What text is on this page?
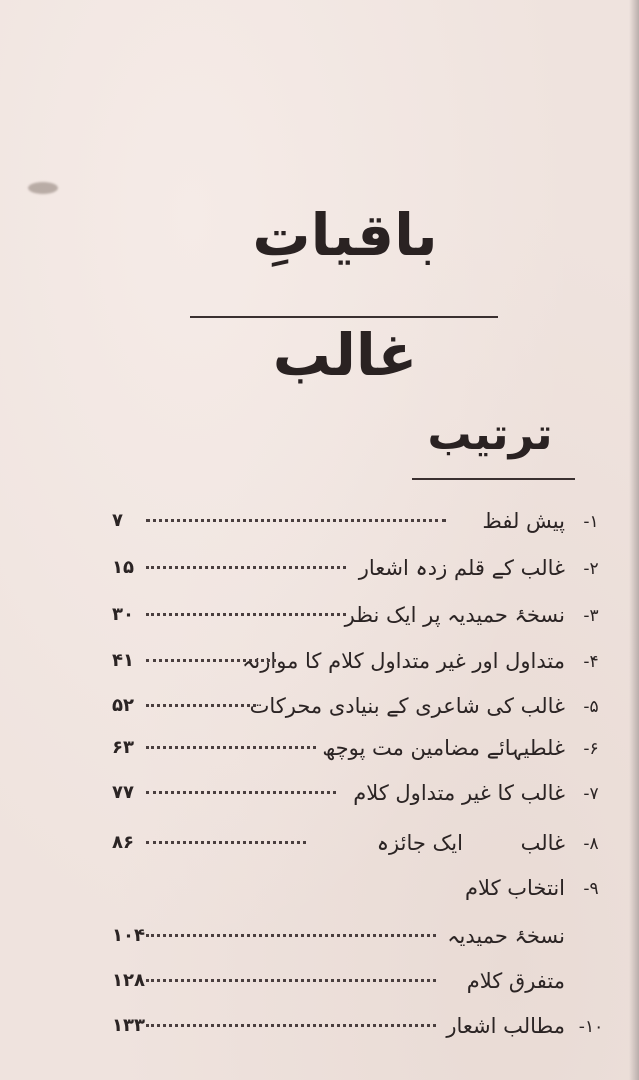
باقیاتِ غالب
ترتیب
۱-
پیش لفظ
۷
۲-
غالب کے قلم زدہ اشعار
۱۵
۳-
نسخۂ حمیدیہ پر ایک نظر
۳۰
۴-
متداول اور غیر متداول کلام کا موازنہ
۴۱
۵-
غالب کی شاعری کے بنیادی محرکات
۵۲
۶-
غلطیہائے مضامین مت پوچھ
۶۳
۷-
غالب کا غیر متداول کلام
۷۷
۸-
غالب
ایک جائزہ
۸۶
۹-
انتخاب کلام
نسخۂ حمیدیہ
۱۰۴
متفرق کلام
۱۲۸
۱۰-
مطالب اشعار
۱۳۳
